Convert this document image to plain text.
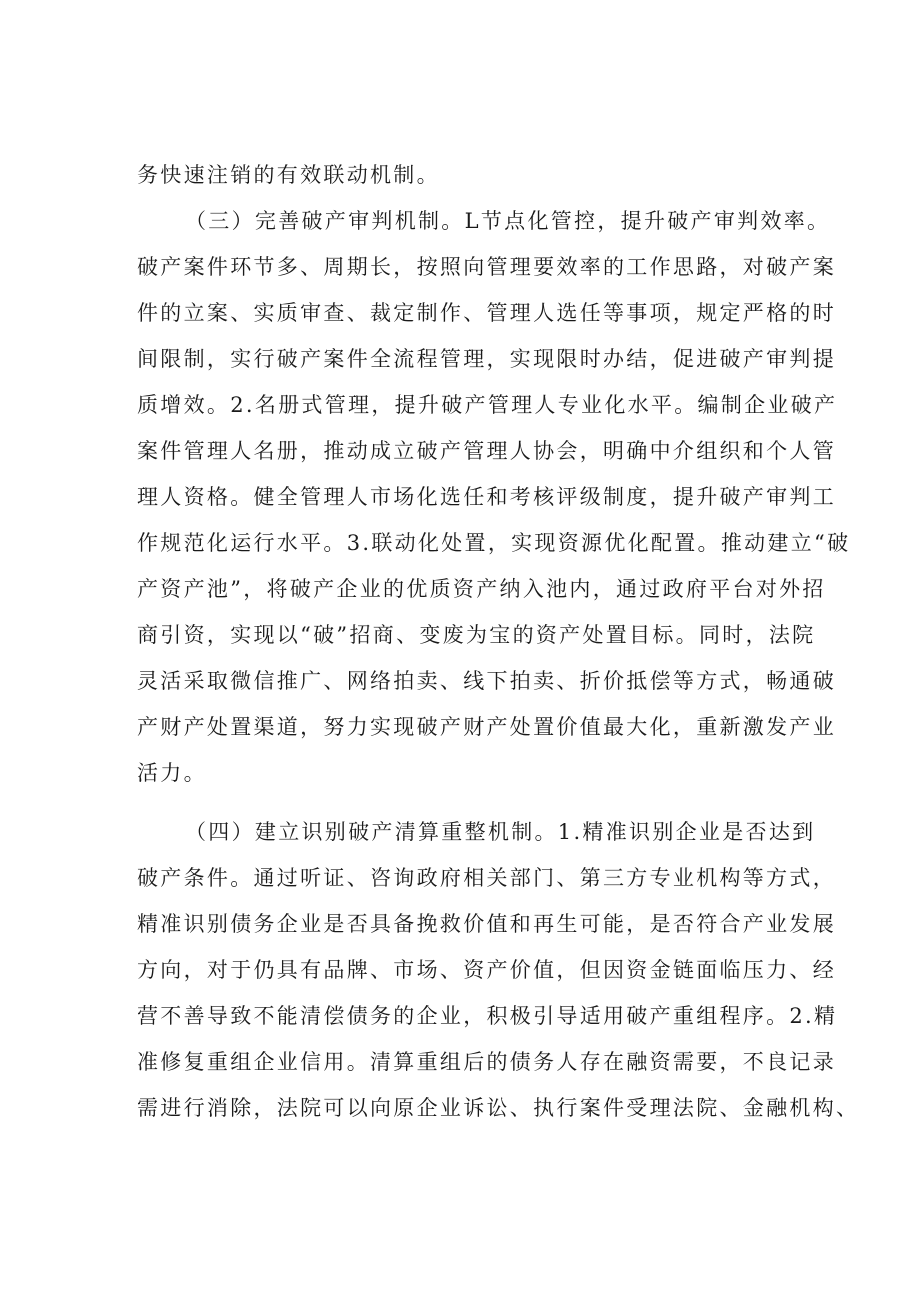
务快速注销的有效联动机制。
（三）完善破产审判机制。L节点化管控，提升破产审判效率。
破产案件环节多、周期长，按照向管理要效率的工作思路，对破产案
件的立案、实质审查、裁定制作、管理人选任等事项，规定严格的时
间限制，实行破产案件全流程管理，实现限时办结，促进破产审判提
质增效。2.名册式管理，提升破产管理人专业化水平。编制企业破产
案件管理人名册，推动成立破产管理人协会，明确中介组织和个人管
理人资格。健全管理人市场化选任和考核评级制度，提升破产审判工
作规范化运行水平。3.联动化处置，实现资源优化配置。推动建立“破
产资产池”，将破产企业的优质资产纳入池内，通过政府平台对外招
商引资，实现以“破”招商、变废为宝的资产处置目标。同时，法院
灵活采取微信推广、网络拍卖、线下拍卖、折价抵偿等方式，畅通破
产财产处置渠道，努力实现破产财产处置价值最大化，重新激发产业
活力。
（四）建立识别破产清算重整机制。1.精准识别企业是否达到
破产条件。通过听证、咨询政府相关部门、第三方专业机构等方式，
精准识别债务企业是否具备挽救价值和再生可能，是否符合产业发展
方向，对于仍具有品牌、市场、资产价值，但因资金链面临压力、经
营不善导致不能清偿债务的企业，积极引导适用破产重组程序。2.精
准修复重组企业信用。清算重组后的债务人存在融资需要，不良记录
需进行消除，法院可以向原企业诉讼、执行案件受理法院、金融机构、
